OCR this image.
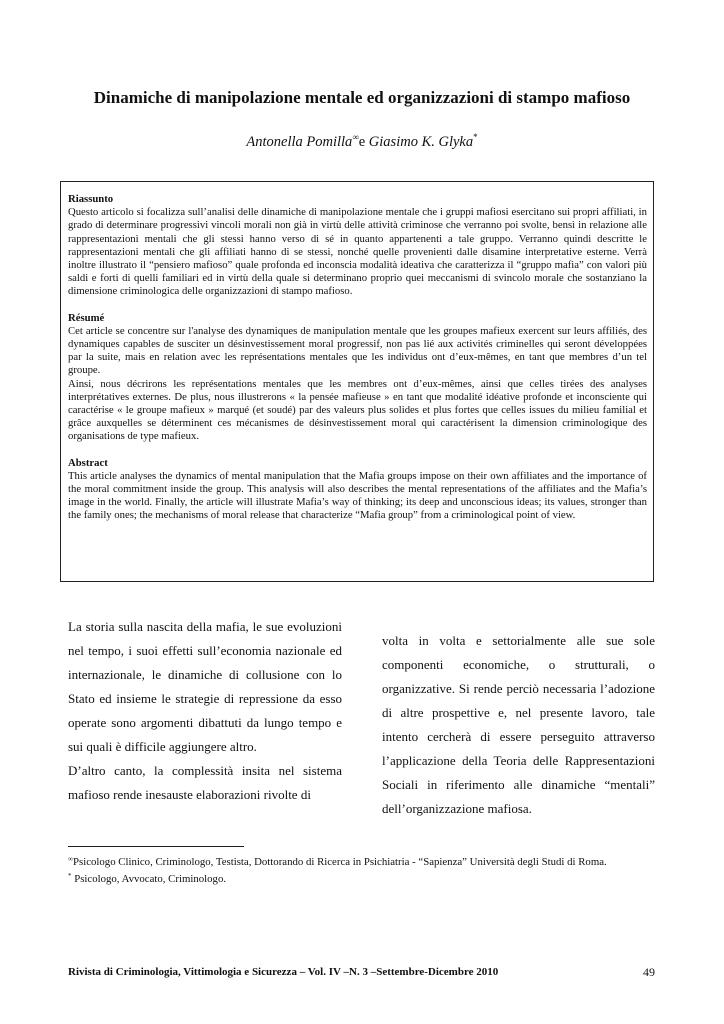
Dinamiche di manipolazione mentale ed organizzazioni di stampo mafioso
Antonella Pomilla∞e Giasimo K. Glyka*
Riassunto

Questo articolo si focalizza sull’analisi delle dinamiche di manipolazione mentale che i gruppi mafiosi esercitano sui propri affiliati, in grado di determinare progressivi vincoli morali non già in virtù delle attività criminose che verranno poi svolte, bensì in relazione alle rappresentazioni mentali che gli stessi hanno verso di sé in quanto appartenenti a tale gruppo. Verranno quindi descritte le rappresentazioni mentali che gli affiliati hanno di se stessi, nonché quelle provenienti dalle disamine interpretative esterne. Verrà inoltre illustrato il “pensiero mafioso” quale profonda ed inconscia modalità ideativa che caratterizza il “gruppo mafia” con valori più saldi e forti di quelli familiari ed in virtù della quale si determinano proprio quei meccanismi di svincolo morale che sostanziano la dimensione criminologica delle organizzazioni di stampo mafioso.

Résumé

Cet article se concentre sur l'analyse des dynamiques de manipulation mentale que les groupes mafieux exercent sur leurs affiliés, des dynamiques capables de susciter un désinvestissement moral progressif, non pas lié aux activités criminelles qui seront développées par la suite, mais en relation avec les représentations mentales que les individus ont d’eux-mêmes, en tant que membres d’un tel groupe.

Ainsi, nous décrirons les représentations mentales que les membres ont d’eux-mêmes, ainsi que celles tirées des analyses interprétatives externes. De plus, nous illustrerons « la pensée mafieuse » en tant que modalité idéative profonde et inconsciente qui caractérise « le groupe mafieux » marqué (et soudé) par des valeurs plus solides et plus fortes que celles issues du milieu familial et grâce auxquelles se déterminent ces mécanismes de désinvestissement moral qui caractérisent la dimension criminologique des organisations de type mafieux.

Abstract

This article analyses the dynamics of mental manipulation that the Mafia groups impose on their own affiliates and the importance of the moral commitment inside the group. This analysis will also describes the mental representations of the affiliates and the Mafia’s image in the world. Finally, the article will illustrate Mafia’s way of thinking; its deep and unconscious ideas; its values, stronger than the family ones; the mechanisms of moral release that characterize “Mafia group” from a criminological point of view.

La storia sulla nascita della mafia, le sue evoluzioni nel tempo, i suoi effetti sull’economia nazionale ed internazionale, le dinamiche di collusione con lo Stato ed insieme le strategie di repressione da esso operate sono argomenti dibattuti da lungo tempo e sui quali è difficile aggiungere altro.

D’altro canto, la complessità insita nel sistema mafioso rende inesauste elaborazioni rivolte di

volta in volta e settorialmente alle sue sole componenti economiche, o strutturali, o organizzative. Si rende perciò necessaria l’adozione di altre prospettive e, nel presente lavoro, tale intento cercherà di essere perseguito attraverso l’applicazione della Teoria delle Rappresentazioni Sociali in riferimento alle dinamiche “mentali” dell’organizzazione mafiosa.

∞Psicologo Clinico, Criminologo, Testista, Dottorando di Ricerca in Psichiatria - “Sapienza” Università degli Studi di Roma.

* Psicologo, Avvocato, Criminologo.

Rivista di Criminologia, Vittimologia e Sicurezza – Vol. IV –N. 3 –Settembre-Dicembre 2010	49
